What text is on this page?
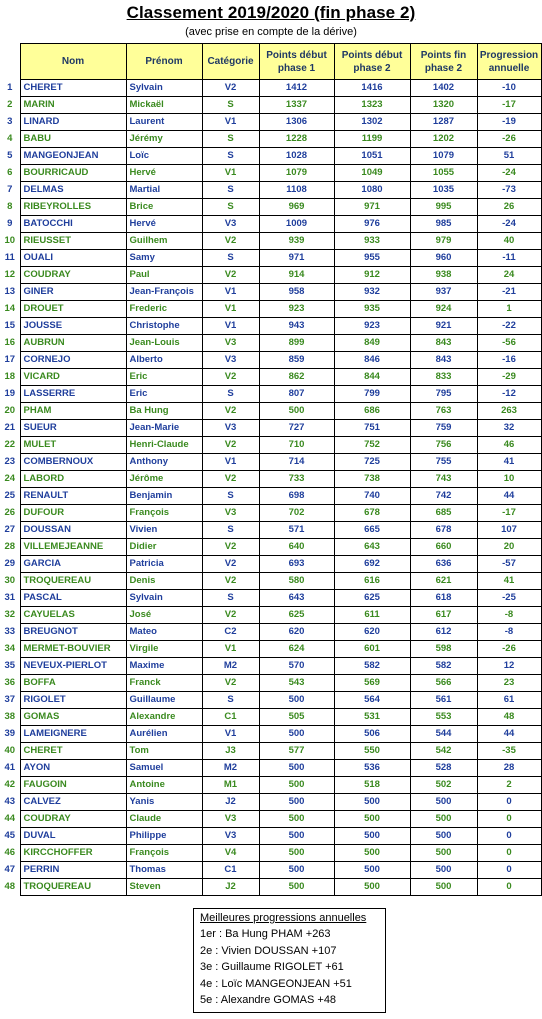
Classement 2019/2020 (fin phase 2)
(avec prise en compte de la dérive)
	Nom	Prénom	Catégorie	Points début phase 1	Points début phase 2	Points fin phase 2	Progression annuelle
1	CHERET	Sylvain	V2	1412	1416	1402	-10
2	MARIN	Mickaël	S	1337	1323	1320	-17
3	LINARD	Laurent	V1	1306	1302	1287	-19
4	BABU	Jérémy	S	1228	1199	1202	-26
5	MANGEONJEAN	Loïc	S	1028	1051	1079	51
6	BOURRICAUD	Hervé	V1	1079	1049	1055	-24
7	DELMAS	Martial	S	1108	1080	1035	-73
8	RIBEYROLLES	Brice	S	969	971	995	26
9	BATOCCHI	Hervé	V3	1009	976	985	-24
10	RIEUSSET	Guilhem	V2	939	933	979	40
11	OUALI	Samy	S	971	955	960	-11
12	COUDRAY	Paul	V2	914	912	938	24
13	GINER	Jean-François	V1	958	932	937	-21
14	DROUET	Frederic	V1	923	935	924	1
15	JOUSSE	Christophe	V1	943	923	921	-22
16	AUBRUN	Jean-Louis	V3	899	849	843	-56
17	CORNEJO	Alberto	V3	859	846	843	-16
18	VICARD	Eric	V2	862	844	833	-29
19	LASSERRE	Eric	S	807	799	795	-12
20	PHAM	Ba Hung	V2	500	686	763	263
21	SUEUR	Jean-Marie	V3	727	751	759	32
22	MULET	Henri-Claude	V2	710	752	756	46
23	COMBERNOUX	Anthony	V1	714	725	755	41
24	LABORD	Jérôme	V2	733	738	743	10
25	RENAULT	Benjamin	S	698	740	742	44
26	DUFOUR	François	V3	702	678	685	-17
27	DOUSSAN	Vivien	S	571	665	678	107
28	VILLEMEJEANNE	Didier	V2	640	643	660	20
29	GARCIA	Patricia	V2	693	692	636	-57
30	TROQUEREAU	Denis	V2	580	616	621	41
31	PASCAL	Sylvain	S	643	625	618	-25
32	CAYUELAS	José	V2	625	611	617	-8
33	BREUGNOT	Mateo	C2	620	620	612	-8
34	MERMET-BOUVIER	Virgile	V1	624	601	598	-26
35	NEVEUX-PIERLOT	Maxime	M2	570	582	582	12
36	BOFFA	Franck	V2	543	569	566	23
37	RIGOLET	Guillaume	S	500	564	561	61
38	GOMAS	Alexandre	C1	505	531	553	48
39	LAMEIGNERE	Aurélien	V1	500	506	544	44
40	CHERET	Tom	J3	577	550	542	-35
41	AYON	Samuel	M2	500	536	528	28
42	FAUGOIN	Antoine	M1	500	518	502	2
43	CALVEZ	Yanis	J2	500	500	500	0
44	COUDRAY	Claude	V3	500	500	500	0
45	DUVAL	Philippe	V3	500	500	500	0
46	KIRCCHOFFER	François	V4	500	500	500	0
47	PERRIN	Thomas	C1	500	500	500	0
48	TROQUEREAU	Steven	J2	500	500	500	0
Meilleures progressions annuelles
1er : Ba Hung PHAM +263
2e : Vivien DOUSSAN +107
3e : Guillaume RIGOLET +61
4e : Loïc MANGEONJEAN +51
5e : Alexandre GOMAS +48
